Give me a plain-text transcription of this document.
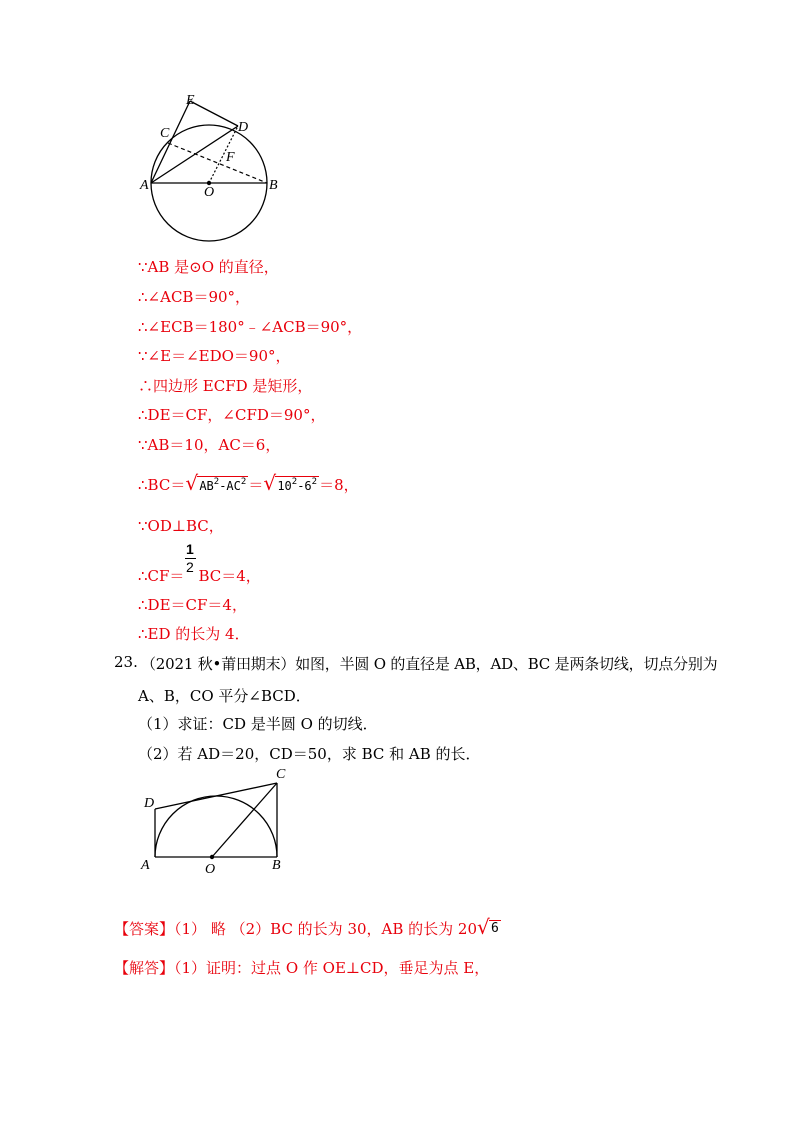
E
C	D
F
A	O	B
∵AB 是⊙O 的直径，
∴∠ACB＝90°，
∴∠ECB＝180°﹣∠ACB＝90°，
∵∠E＝∠EDO＝90°，
∴四边形 ECFD 是矩形，
∴DE＝CF，∠CFD＝90°，
∵AB＝10，AC＝6，
∴BC＝ √ $AB^2-AC^2$ ＝ √ $10^2-6^2 =8$，
∵OD⊥BC，
1
2
∴CF＝ BC＝4，
∴DE＝CF＝4，
∴ED 的长为 4．
23. （2021 秋•莆田期末）如图，半圆 O 的直径是 AB，AD、BC 是两条切线，切点分别为
A、B，CO 平分∠BCD．
（1）求证：CD 是半圆 O 的切线．
（2）若 AD＝20，CD＝50，求 BC 和 AB 的长．
C
D
A	O	B
【答案】（1） 略 （2）BC 的长为 30，AB 的长为 20 √ 6
【解答】（1）证明：过点 O 作 OE⊥CD，垂足为点 E，
